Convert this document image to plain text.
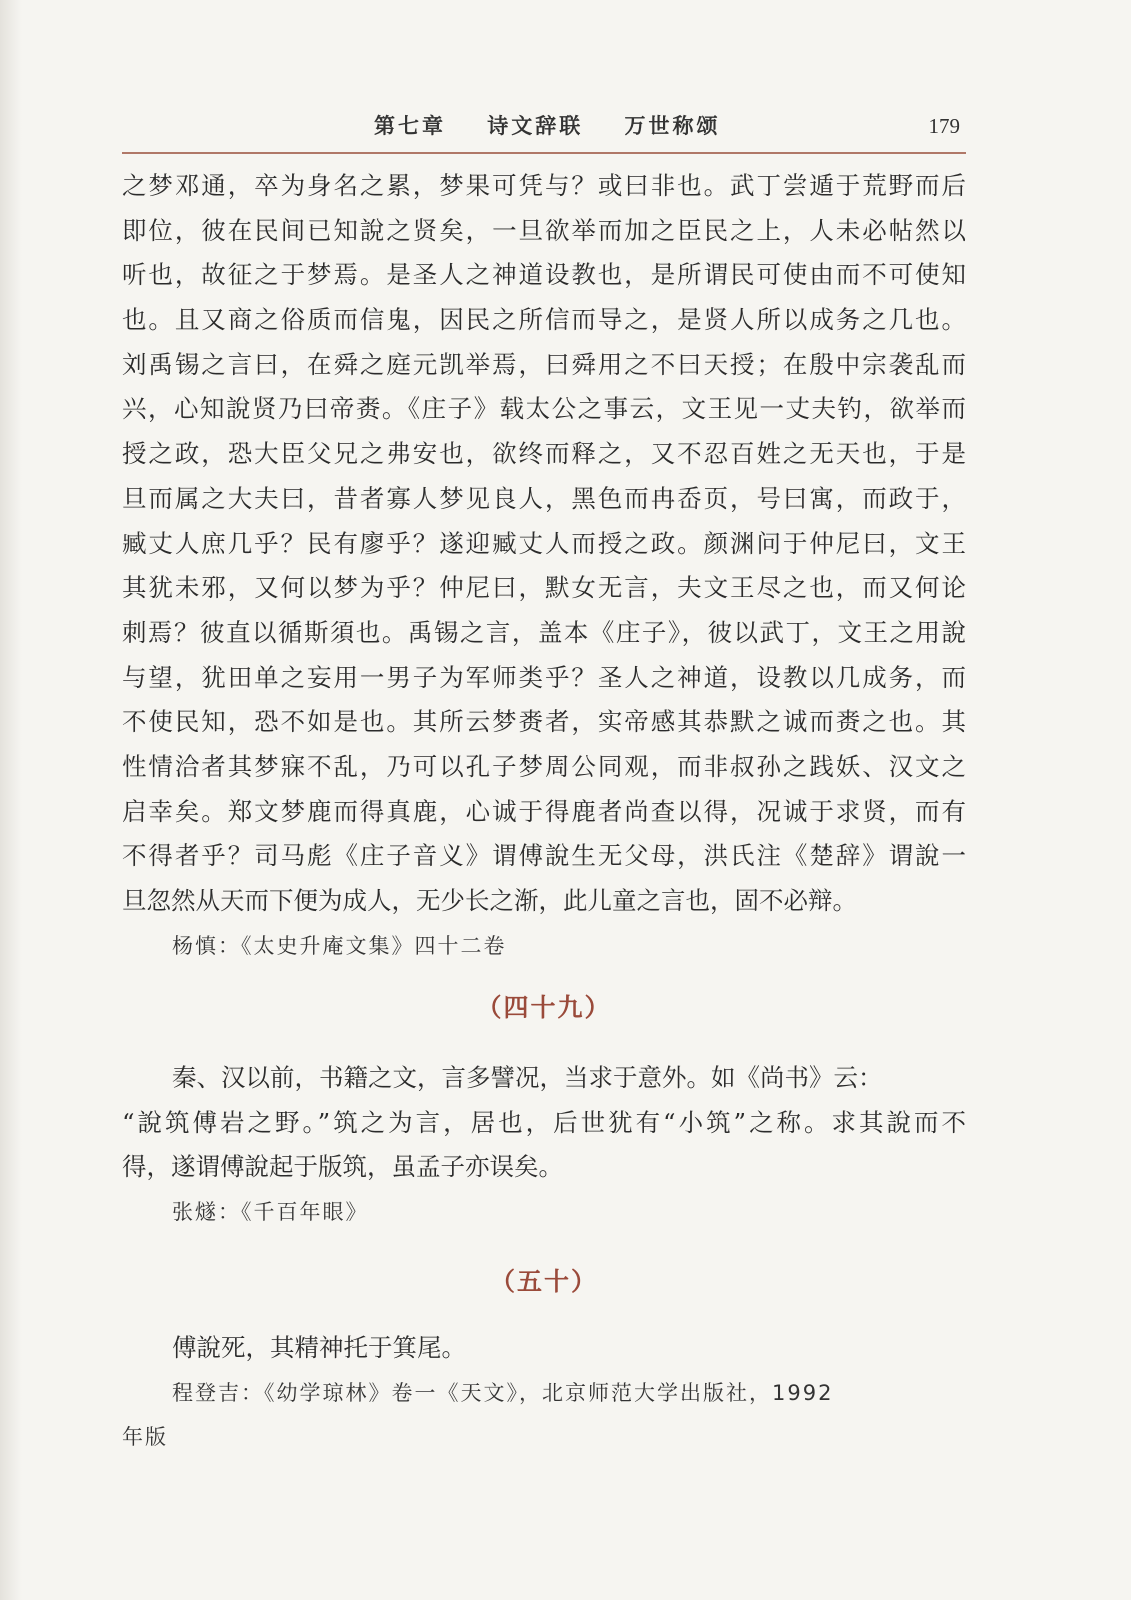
第七章    诗文辞联    万世称颂	179
之梦邓通，卒为身名之累，梦果可凭与？或曰非也。武丁尝遁于荒野而后
即位，彼在民间已知說之贤矣，一旦欲举而加之臣民之上，人未必帖然以
听也，故征之于梦焉。是圣人之神道设教也，是所谓民可使由而不可使知
也。且又商之俗质而信鬼，因民之所信而导之，是贤人所以成务之几也。
刘禹锡之言曰，在舜之庭元凯举焉，曰舜用之不曰天授；在殷中宗袭乱而
兴，心知說贤乃曰帝赉。《庄子》载太公之事云，文王见一丈夫钓，欲举而
授之政，恐大臣父兄之弗安也，欲终而释之，又不忍百姓之无天也，于是
旦而属之大夫曰，昔者寡人梦见良人，黑色而冉岙页，号曰寓，而政于，
臧丈人庶几乎？民有廖乎？遂迎臧丈人而授之政。颜渊问于仲尼曰，文王
其犹未邪，又何以梦为乎？仲尼曰，默女无言，夫文王尽之也，而又何论
刺焉？彼直以循斯須也。禹锡之言，盖本《庄子》，彼以武丁，文王之用說
与望，犹田单之妄用一男子为军师类乎？圣人之神道，设教以几成务，而
不使民知，恐不如是也。其所云梦赉者，实帝感其恭默之诚而赉之也。其
性情洽者其梦寐不乱，乃可以孔子梦周公同观，而非叔孙之践妖、汉文之
启幸矣。郑文梦鹿而得真鹿，心诚于得鹿者尚查以得，况诚于求贤，而有
不得者乎？司马彪《庄子音义》谓傅說生无父母，洪氏注《楚辞》谓說一
旦忽然从天而下便为成人，无少长之渐，此儿童之言也，固不必辩。
杨慎：《太史升庵文集》四十二卷
（四十九）
秦、汉以前，书籍之文，言多譬况，当求于意外。如《尚书》云：
“說筑傅岩之野。”筑之为言，居也，后世犹有“小筑”之称。求其說而不
得，遂谓傅說起于版筑，虽孟子亦误矣。
张燧：《千百年眼》
（五十）
傅說死，其精神托于箕尾。
程登吉：《幼学琼林》卷一《天文》，北京师范大学出版社，1992
年版
